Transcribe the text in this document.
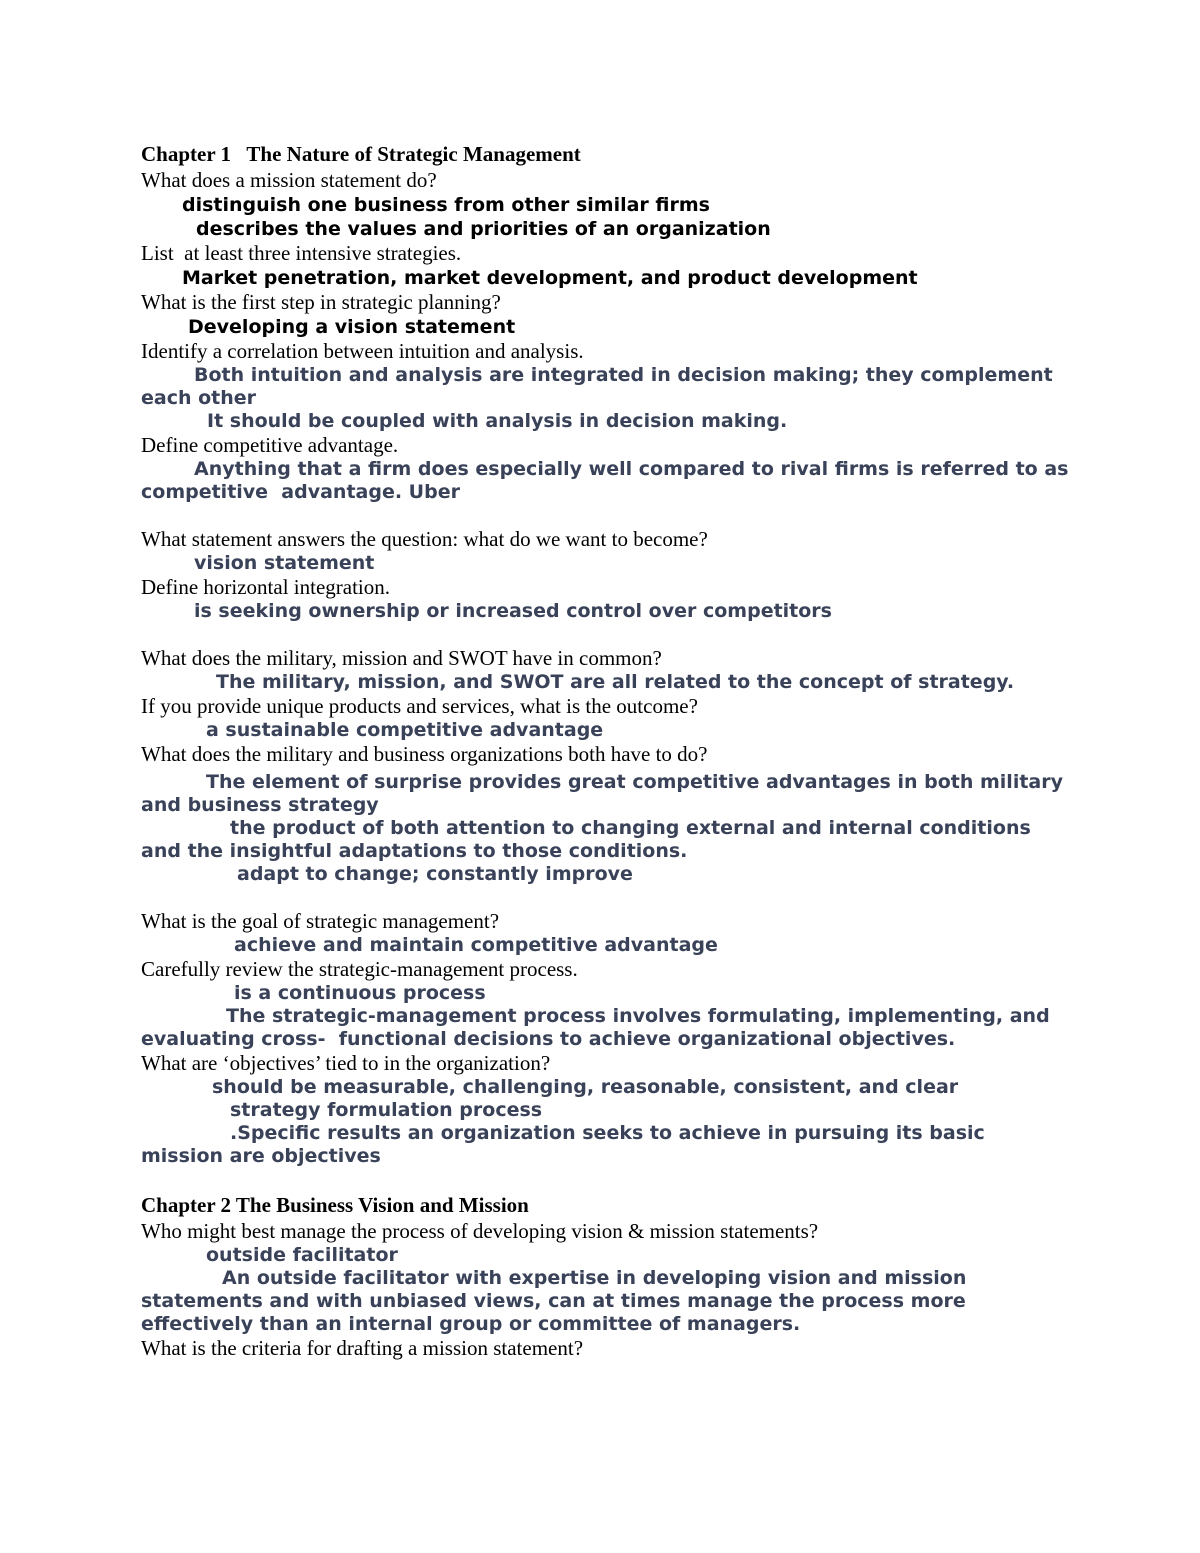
Chapter 1   The Nature of Strategic Management

What does a mission statement do?

distinguish one business from other similar firms

describes the values and priorities of an organization

List  at least three intensive strategies.

Market penetration, market development, and product development

What is the first step in strategic planning?

Developing a vision statement

Identify a correlation between intuition and analysis.

Both intuition and analysis are integrated in decision making; they complement each other

It should be coupled with analysis in decision making.

Define competitive advantage.

Anything that a firm does especially well compared to rival firms is referred to as competitive  advantage. Uber

What statement answers the question: what do we want to become?

vision statement

Define horizontal integration.

is seeking ownership or increased control over competitors

What does the military, mission and SWOT have in common?

The military, mission, and SWOT are all related to the concept of strategy.

If you provide unique products and services, what is the outcome?

a sustainable competitive advantage

What does the military and business organizations both have to do?

The element of surprise provides great competitive advantages in both military and business strategy

the product of both attention to changing external and internal conditions and the insightful adaptations to those conditions.

adapt to change; constantly improve

What is the goal of strategic management?

achieve and maintain competitive advantage

Carefully review the strategic-management process.

is a continuous process

The strategic-management process involves formulating, implementing, and evaluating cross-  functional decisions to achieve organizational objectives.

What are ‘objectives’ tied to in the organization?

should be measurable, challenging, reasonable, consistent, and clear

strategy formulation process

.Specific results an organization seeks to achieve in pursuing its basic mission are objectives

Chapter 2 The Business Vision and Mission

Who might best manage the process of developing vision & mission statements?

outside facilitator

An outside facilitator with expertise in developing vision and mission statements and with unbiased views, can at times manage the process more effectively than an internal group or committee of managers.

What is the criteria for drafting a mission statement?
